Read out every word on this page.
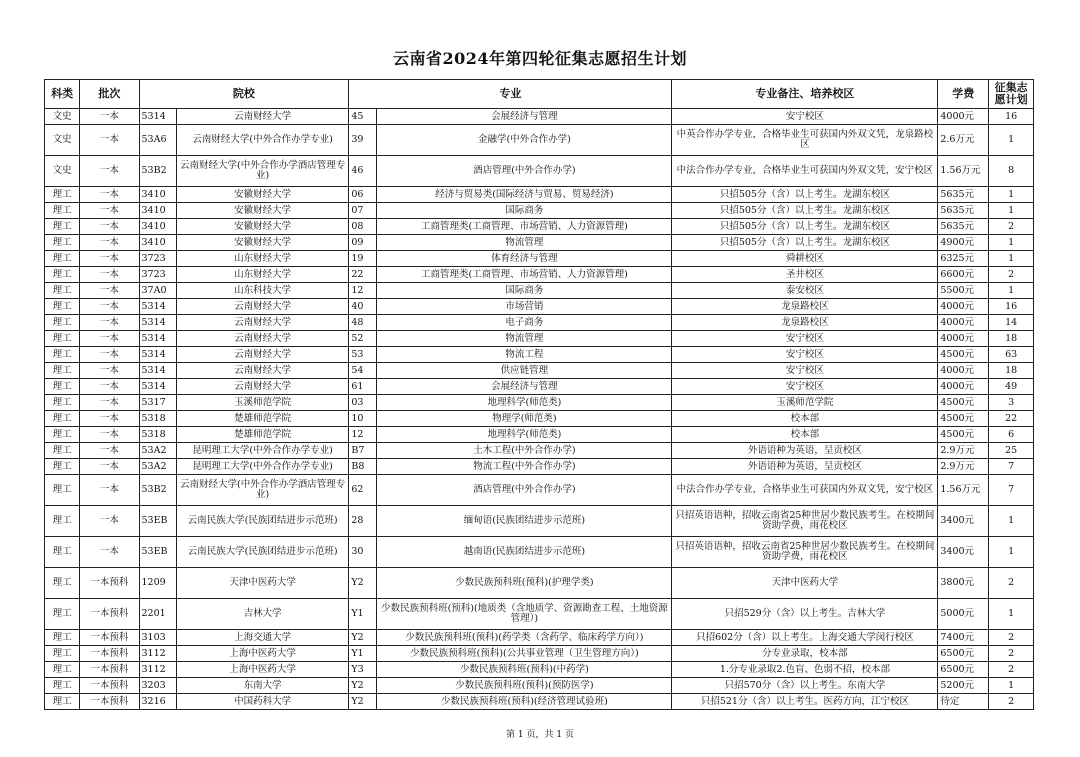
云南省2024年第四轮征集志愿招生计划
科类	批次	院校		专业		专业备注、培养校区	学费	征集志愿计划
文史	一本	5314	云南财经大学	45	会展经济与管理	安宁校区	4000元	16
文史	一本	53A6	云南财经大学(中外合作办学专业)	39	金融学(中外合作办学)	中英合作办学专业，合格毕业生可获国内外双文凭，龙泉路校区	2.6万元	1
文史	一本	53B2	云南财经大学(中外合作办学酒店管理专业)	46	酒店管理(中外合作办学)	中法合作办学专业，合格毕业生可获国内外双文凭，安宁校区	1.56万元	8
理工	一本	3410	安徽财经大学	06	经济与贸易类(国际经济与贸易、贸易经济)	只招505分（含）以上考生。龙湖东校区	5635元	1
理工	一本	3410	安徽财经大学	07	国际商务	只招505分（含）以上考生。龙湖东校区	5635元	1
理工	一本	3410	安徽财经大学	08	工商管理类(工商管理、市场营销、人力资源管理)	只招505分（含）以上考生。龙湖东校区	5635元	2
理工	一本	3410	安徽财经大学	09	物流管理	只招505分（含）以上考生。龙湖东校区	4900元	1
理工	一本	3723	山东财经大学	19	体育经济与管理	舜耕校区	6325元	1
理工	一本	3723	山东财经大学	22	工商管理类(工商管理、市场营销、人力资源管理)	圣井校区	6600元	2
理工	一本	37A0	山东科技大学	12	国际商务	泰安校区	5500元	1
理工	一本	5314	云南财经大学	40	市场营销	龙泉路校区	4000元	16
理工	一本	5314	云南财经大学	48	电子商务	龙泉路校区	4000元	14
理工	一本	5314	云南财经大学	52	物流管理	安宁校区	4000元	18
理工	一本	5314	云南财经大学	53	物流工程	安宁校区	4500元	63
理工	一本	5314	云南财经大学	54	供应链管理	安宁校区	4000元	18
理工	一本	5314	云南财经大学	61	会展经济与管理	安宁校区	4000元	49
理工	一本	5317	玉溪师范学院	03	地理科学(师范类)	玉溪师范学院	4500元	3
理工	一本	5318	楚雄师范学院	10	物理学(师范类)	校本部	4500元	22
理工	一本	5318	楚雄师范学院	12	地理科学(师范类)	校本部	4500元	6
理工	一本	53A2	昆明理工大学(中外合作办学专业)	B7	土木工程(中外合作办学)	外语语种为英语，呈贡校区	2.9万元	25
理工	一本	53A2	昆明理工大学(中外合作办学专业)	B8	物流工程(中外合作办学)	外语语种为英语，呈贡校区	2.9万元	7
理工	一本	53B2	云南财经大学(中外合作办学酒店管理专业)	62	酒店管理(中外合作办学)	中法合作办学专业，合格毕业生可获国内外双文凭，安宁校区	1.56万元	7
理工	一本	53EB	云南民族大学(民族团结进步示范班)	28	缅甸语(民族团结进步示范班)	只招英语语种，招收云南省25种世居少数民族考生。在校期间资助学费，雨花校区	3400元	1
理工	一本	53EB	云南民族大学(民族团结进步示范班)	30	越南语(民族团结进步示范班)	只招英语语种，招收云南省25种世居少数民族考生。在校期间资助学费，雨花校区	3400元	1
理工	一本预科	1209	天津中医药大学	Y2	少数民族预科班(预科)(护理学类)	天津中医药大学	3800元	2
理工	一本预科	2201	吉林大学	Y1	少数民族预科班(预科)(地质类（含地质学、资源勘查工程、土地资源管理）)	只招529分（含）以上考生。吉林大学	5000元	1
理工	一本预科	3103	上海交通大学	Y2	少数民族预科班(预科)(药学类（含药学、临床药学方向）)	只招602分（含）以上考生。上海交通大学闵行校区	7400元	2
理工	一本预科	3112	上海中医药大学	Y1	少数民族预科班(预科)(公共事业管理（卫生管理方向）)	分专业录取，校本部	6500元	2
理工	一本预科	3112	上海中医药大学	Y3	少数民族预科班(预科)(中药学)	1.分专业录取2.色盲、色弱不招，校本部	6500元	2
理工	一本预科	3203	东南大学	Y2	少数民族预科班(预科)(预防医学)	只招570分（含）以上考生。东南大学	5200元	1
理工	一本预科	3216	中国药科大学	Y2	少数民族预科班(预科)(经济管理试验班)	只招521分（含）以上考生。医药方向，江宁校区	待定	2
第 1 页，共 1 页
